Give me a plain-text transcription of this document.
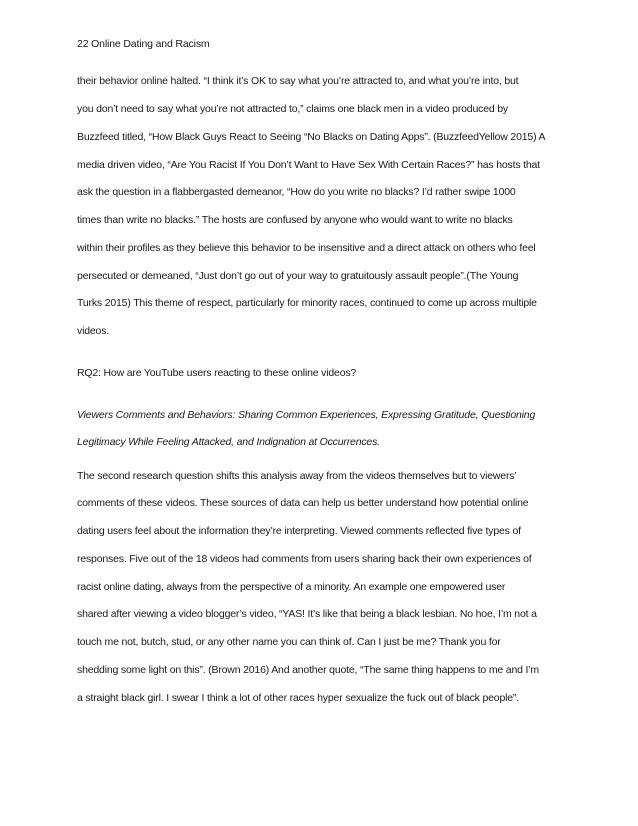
22 Online Dating and Racism
their behavior online halted. “I think it’s OK to say what you’re attracted to, and what you’re into, but
you don’t need to say what you’re not attracted to,” claims one black men in a video produced by
Buzzfeed titled, “How Black Guys React to Seeing “No Blacks on Dating Apps”. (BuzzfeedYellow 2015) A
media driven video, “Are You Racist If You Don’t Want to Have Sex With Certain Races?” has hosts that
ask the question in a flabbergasted demeanor, “How do you write no blacks? I’d rather swipe 1000
times than write no blacks.” The hosts are confused by anyone who would want to write no blacks
within their profiles as they believe this behavior to be insensitive and a direct attack on others who feel
persecuted or demeaned, “Just don’t go out of your way to gratuitously assault people”.(The Young
Turks 2015) This theme of respect, particularly for minority races, continued to come up across multiple
videos.
RQ2: How are YouTube users reacting to these online videos?
Viewers Comments and Behaviors: Sharing Common Experiences, Expressing Gratitude, Questioning
Legitimacy While Feeling Attacked, and Indignation at Occurrences.
The second research question shifts this analysis away from the videos themselves but to viewers’
comments of these videos. These sources of data can help us better understand how potential online
dating users feel about the information they’re interpreting. Viewed comments reflected five types of
responses. Five out of the 18 videos had comments from users sharing back their own experiences of
racist online dating, always from the perspective of a minority. An example one empowered user
shared after viewing a video blogger’s video, “YAS! It’s like that being a black lesbian. No hoe, I’m not a
touch me not, butch, stud, or any other name you can think of. Can I just be me? Thank you for
shedding some light on this”. (Brown 2016) And another quote, “The same thing happens to me and I’m
a straight black girl. I swear I think a lot of other races hyper sexualize the fuck out of black people”.
